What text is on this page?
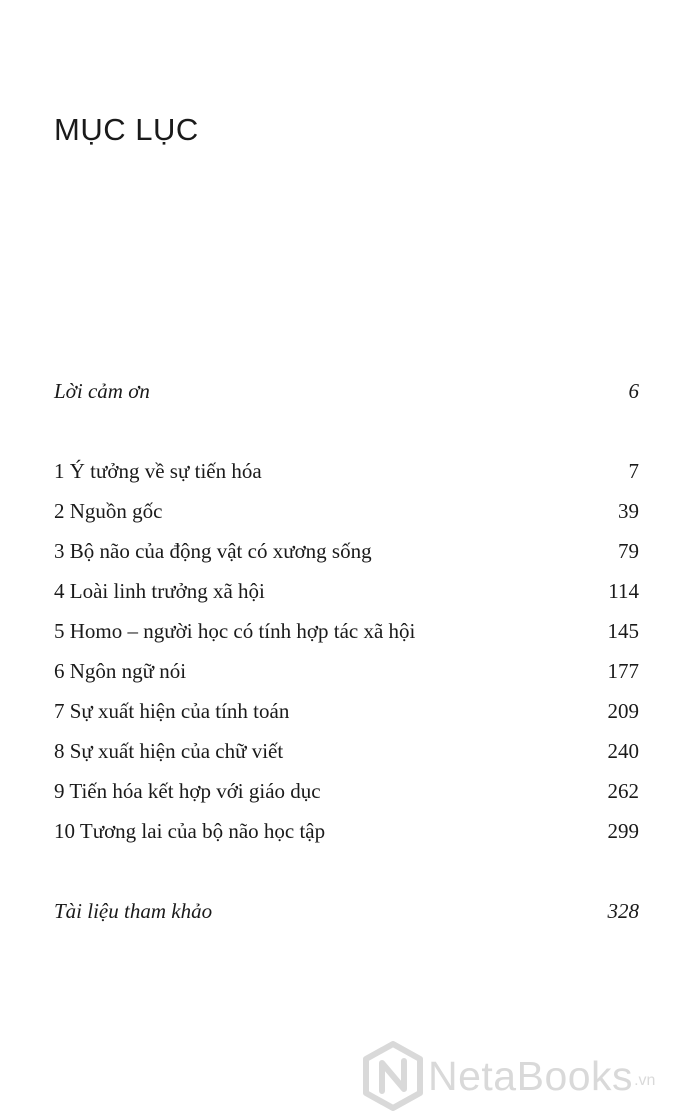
MỤC LỤC
Lời cảm ơn	6
1 Ý tưởng về sự tiến hóa	7
2 Nguồn gốc	39
3 Bộ não của động vật có xương sống	79
4 Loài linh trưởng xã hội	114
5 Homo – người học có tính hợp tác xã hội	145
6 Ngôn ngữ nói	177
7 Sự xuất hiện của tính toán	209
8 Sự xuất hiện của chữ viết	240
9 Tiến hóa kết hợp với giáo dục	262
10 Tương lai của bộ não học tập	299
Tài liệu tham khảo	328
NetaBooks .vn
